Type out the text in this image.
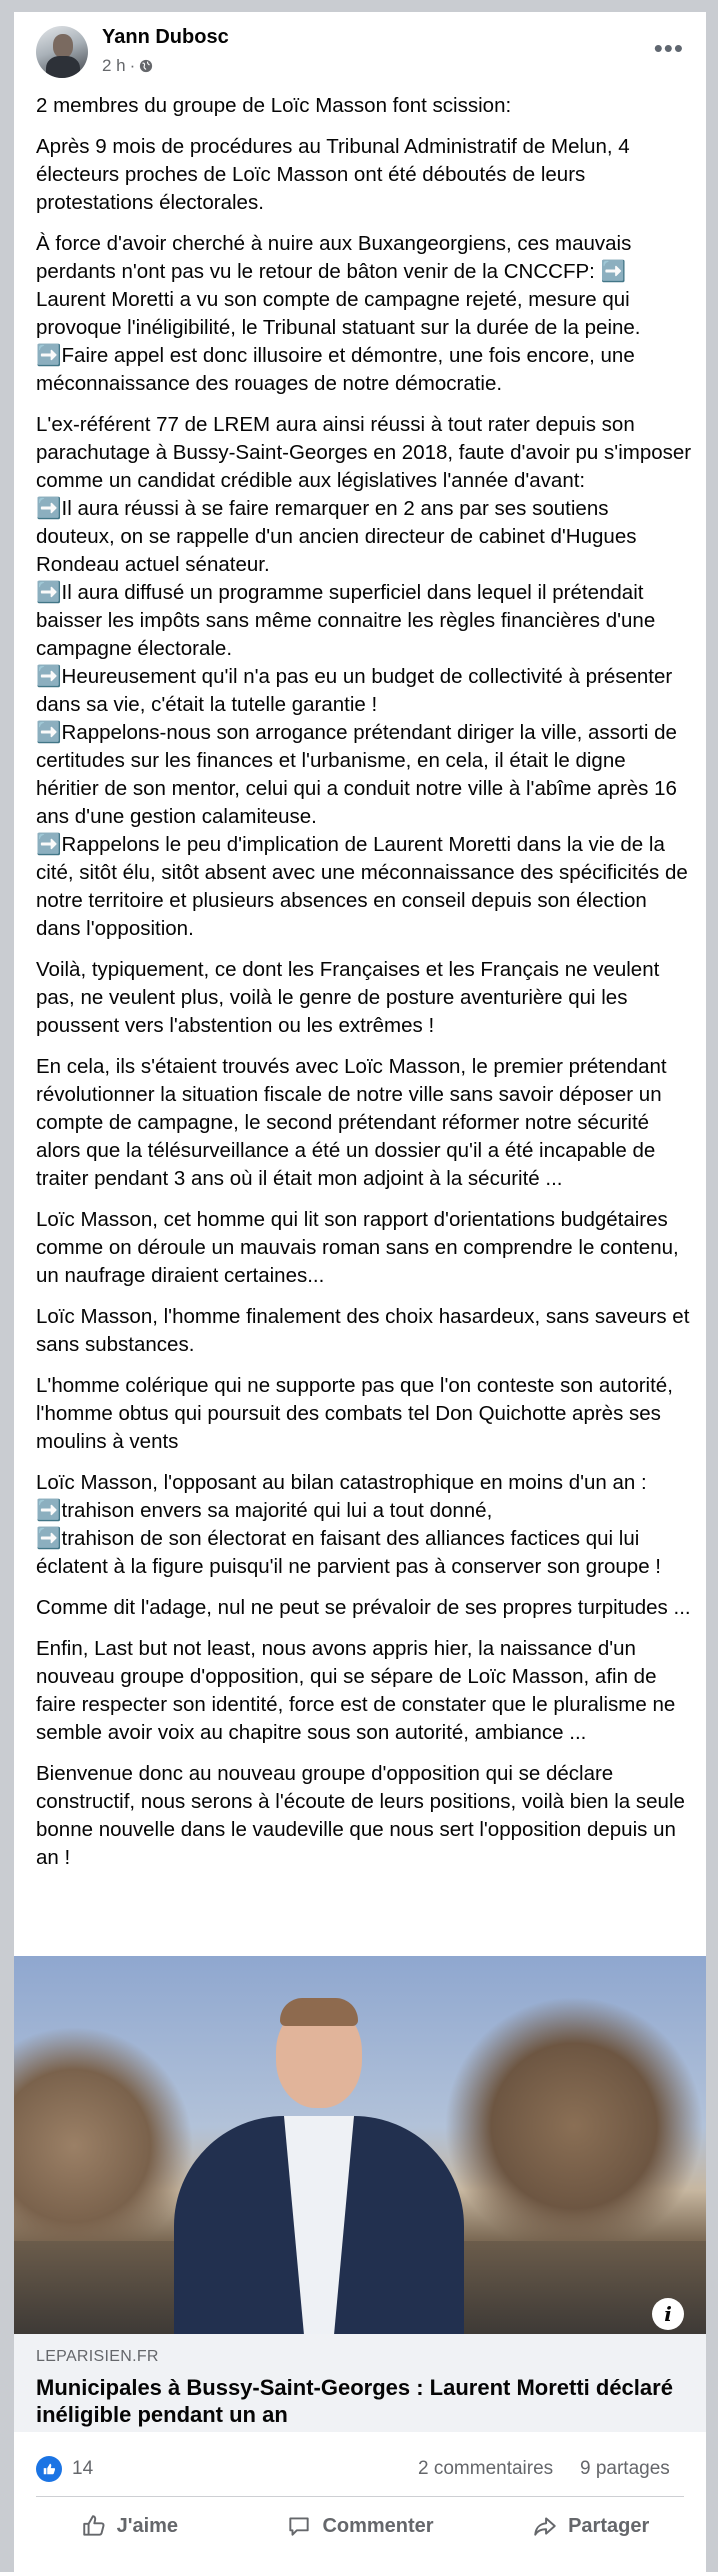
Yann Dubosc
2 h ·
•••

2 membres du groupe de Loïc Masson font scission:

Après 9 mois de procédures au Tribunal Administratif de Melun, 4 électeurs proches de Loïc Masson ont été déboutés de leurs protestations électorales.

À force d'avoir cherché à nuire aux Buxangeorgiens, ces mauvais perdants n'ont pas vu le retour de bâton venir de la CNCCFP: ➡️ Laurent Moretti a vu son compte de campagne rejeté, mesure qui provoque l'inéligibilité, le Tribunal statuant sur la durée de la peine. ➡️Faire appel est donc illusoire et démontre, une fois encore, une méconnaissance des rouages de notre démocratie.

L'ex-référent 77 de LREM aura ainsi réussi à tout rater depuis son parachutage à Bussy-Saint-Georges en 2018, faute d'avoir pu s'imposer comme un candidat crédible aux législatives l'année d'avant:
➡️Il aura réussi à se faire remarquer en 2 ans par ses soutiens douteux, on se rappelle d'un ancien directeur de cabinet d'Hugues Rondeau actuel sénateur.
➡️Il aura diffusé un programme superficiel dans lequel il prétendait baisser les impôts sans même connaitre les règles financières d'une campagne électorale.
➡️Heureusement qu'il n'a pas eu un budget de collectivité à présenter dans sa vie, c'était la tutelle garantie !
➡️Rappelons-nous son arrogance prétendant diriger la ville, assorti de certitudes sur les finances et l'urbanisme, en cela, il était le digne héritier de son mentor, celui qui a conduit notre ville à l'abîme après 16 ans d'une gestion calamiteuse.
➡️Rappelons le peu d'implication de Laurent Moretti dans la vie de la cité, sitôt élu, sitôt absent avec une méconnaissance des spécificités de notre territoire et plusieurs absences en conseil depuis son élection dans l'opposition.

Voilà, typiquement, ce dont les Françaises et les Français ne veulent pas, ne veulent plus, voilà le genre de posture aventurière qui les poussent vers l'abstention ou les extrêmes !

En cela, ils s'étaient trouvés avec Loïc Masson, le premier prétendant révolutionner la situation fiscale de notre ville sans savoir déposer un compte de campagne, le second prétendant réformer notre sécurité alors que la télésurveillance a été un dossier qu'il a été incapable de traiter pendant 3 ans où il était mon adjoint à la sécurité ...

Loïc Masson, cet homme qui lit son rapport d'orientations budgétaires comme on déroule un mauvais roman sans en comprendre le contenu, un naufrage diraient certaines...

Loïc Masson, l'homme finalement des choix hasardeux, sans saveurs et sans substances.

L'homme colérique qui ne supporte pas que l'on conteste son autorité, l'homme obtus qui poursuit des combats tel Don Quichotte après ses moulins à vents

Loïc Masson, l'opposant au bilan catastrophique en moins d'un an :
➡️trahison envers sa majorité qui lui a tout donné,
➡️trahison de son électorat en faisant des alliances factices qui lui éclatent à la figure puisqu'il ne parvient pas à conserver son groupe !

Comme dit l'adage, nul ne peut se prévaloir de ses propres turpitudes ...

Enfin, Last but not least, nous avons appris hier, la naissance d'un nouveau groupe d'opposition, qui se sépare de Loïc Masson, afin de faire respecter son identité, force est de constater que le pluralisme ne semble avoir voix au chapitre sous son autorité, ambiance ...

Bienvenue donc au nouveau groupe d'opposition qui se déclare constructif, nous serons à l'écoute de leurs positions, voilà bien la seule bonne nouvelle dans le vaudeville que nous sert l'opposition depuis un an !

i
LEPARISIEN.FR
Municipales à Bussy-Saint-Georges : Laurent Moretti déclaré inéligible pendant un an
14	2 commentaires 9 partages
J'aime	Commenter	Partager
